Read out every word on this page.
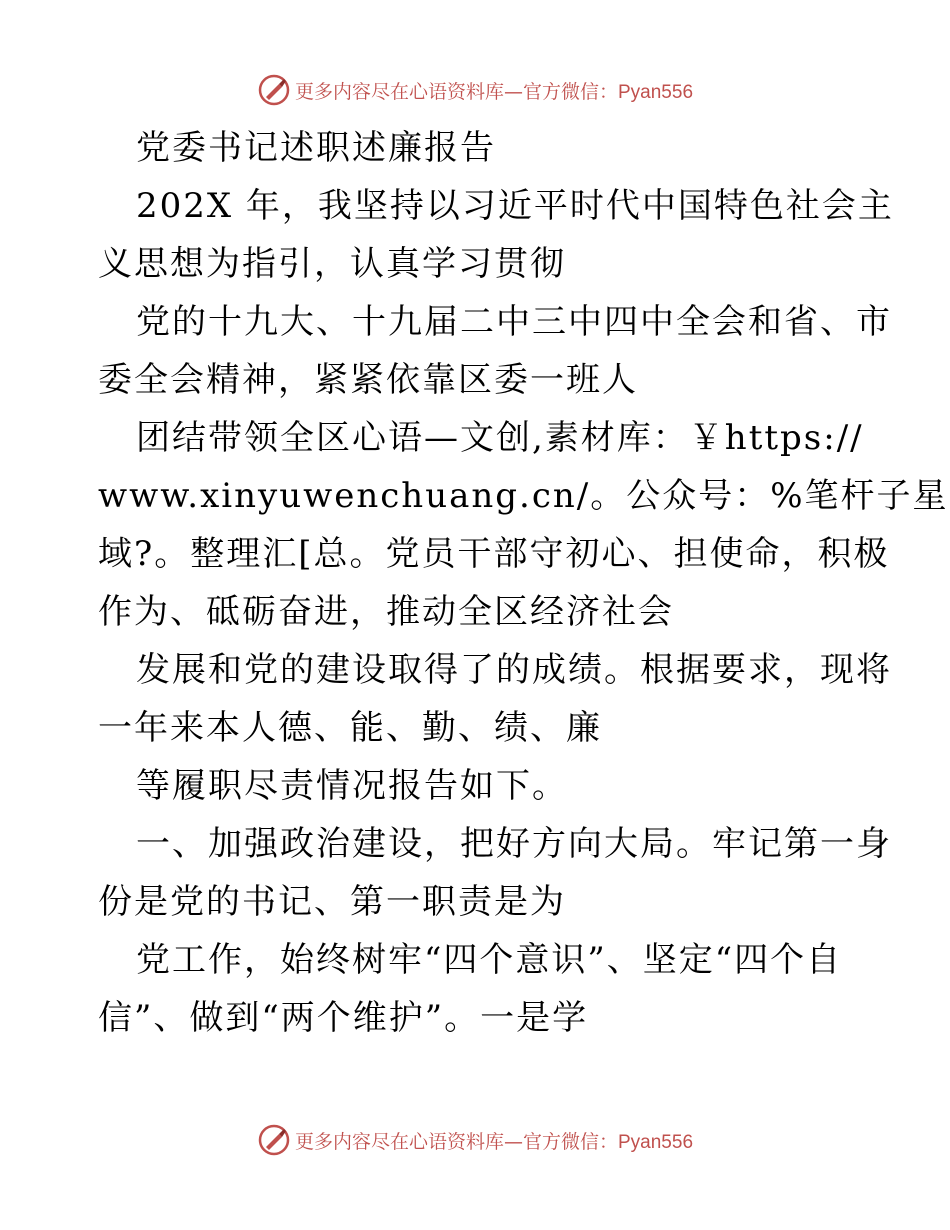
更多内容尽在心语资料库—官方微信：Pyan556
党委书记述职述廉报告
202X 年，我坚持以习近平时代中国特色社会主
义思想为指引，认真学习贯彻
党的十九大、十九届二中三中四中全会和省、市
委全会精神，紧紧依靠区委一班人
团结带领全区心语—文创,素材库：￥https://
www.xinyuwenchuang.cn/。公众号：%笔杆子星
域?。整理汇[总。党员干部守初心、担使命，积极
作为、砥砺奋进，推动全区经济社会
发展和党的建设取得了的成绩。根据要求，现将
一年来本人德、能、勤、绩、廉
等履职尽责情况报告如下。
一、加强政治建设，把好方向大局。牢记第一身
份是党的书记、第一职责是为
党工作，始终树牢“四个意识”、坚定“四个自
信”、做到“两个维护”。一是学
更多内容尽在心语资料库—官方微信：Pyan556
